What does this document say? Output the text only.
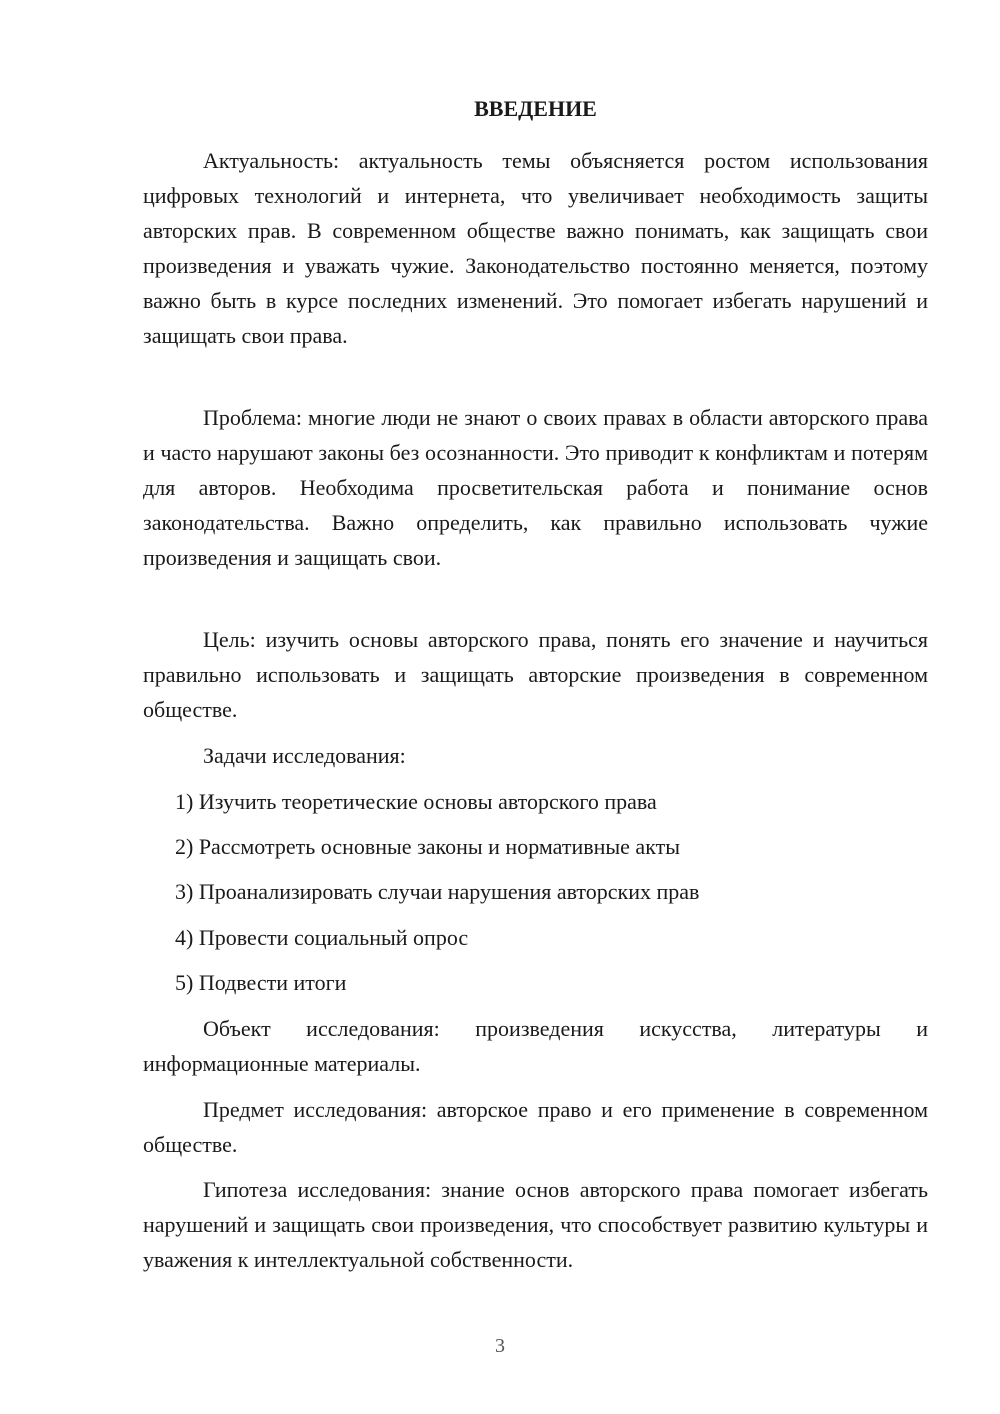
ВВЕДЕНИЕ

Актуальность: актуальность темы объясняется ростом использования цифровых технологий и интернета, что увеличивает необходимость защиты авторских прав. В современном обществе важно понимать, как защищать свои произведения и уважать чужие. Законодательство постоянно меняется, поэтому важно быть в курсе последних изменений. Это помогает избегать нарушений и защищать свои права.

Проблема: многие люди не знают о своих правах в области авторского права и часто нарушают законы без осознанности. Это приводит к конфликтам и потерям для авторов. Необходима просветительская работа и понимание основ законодательства. Важно определить, как правильно использовать чужие произведения и защищать свои.

Цель: изучить основы авторского права, понять его значение и научиться правильно использовать и защищать авторские произведения в современном обществе.

Задачи исследования:

1) Изучить теоретические основы авторского права

2) Рассмотреть основные законы и нормативные акты

3) Проанализировать случаи нарушения авторских прав

4) Провести социальный опрос

5) Подвести итоги

Объект исследования: произведения искусства, литературы и информационные материалы.

Предмет исследования: авторское право и его применение в современном обществе.

Гипотеза исследования: знание основ авторского права помогает избегать нарушений и защищать свои произведения, что способствует развитию культуры и уважения к интеллектуальной собственности.

3
